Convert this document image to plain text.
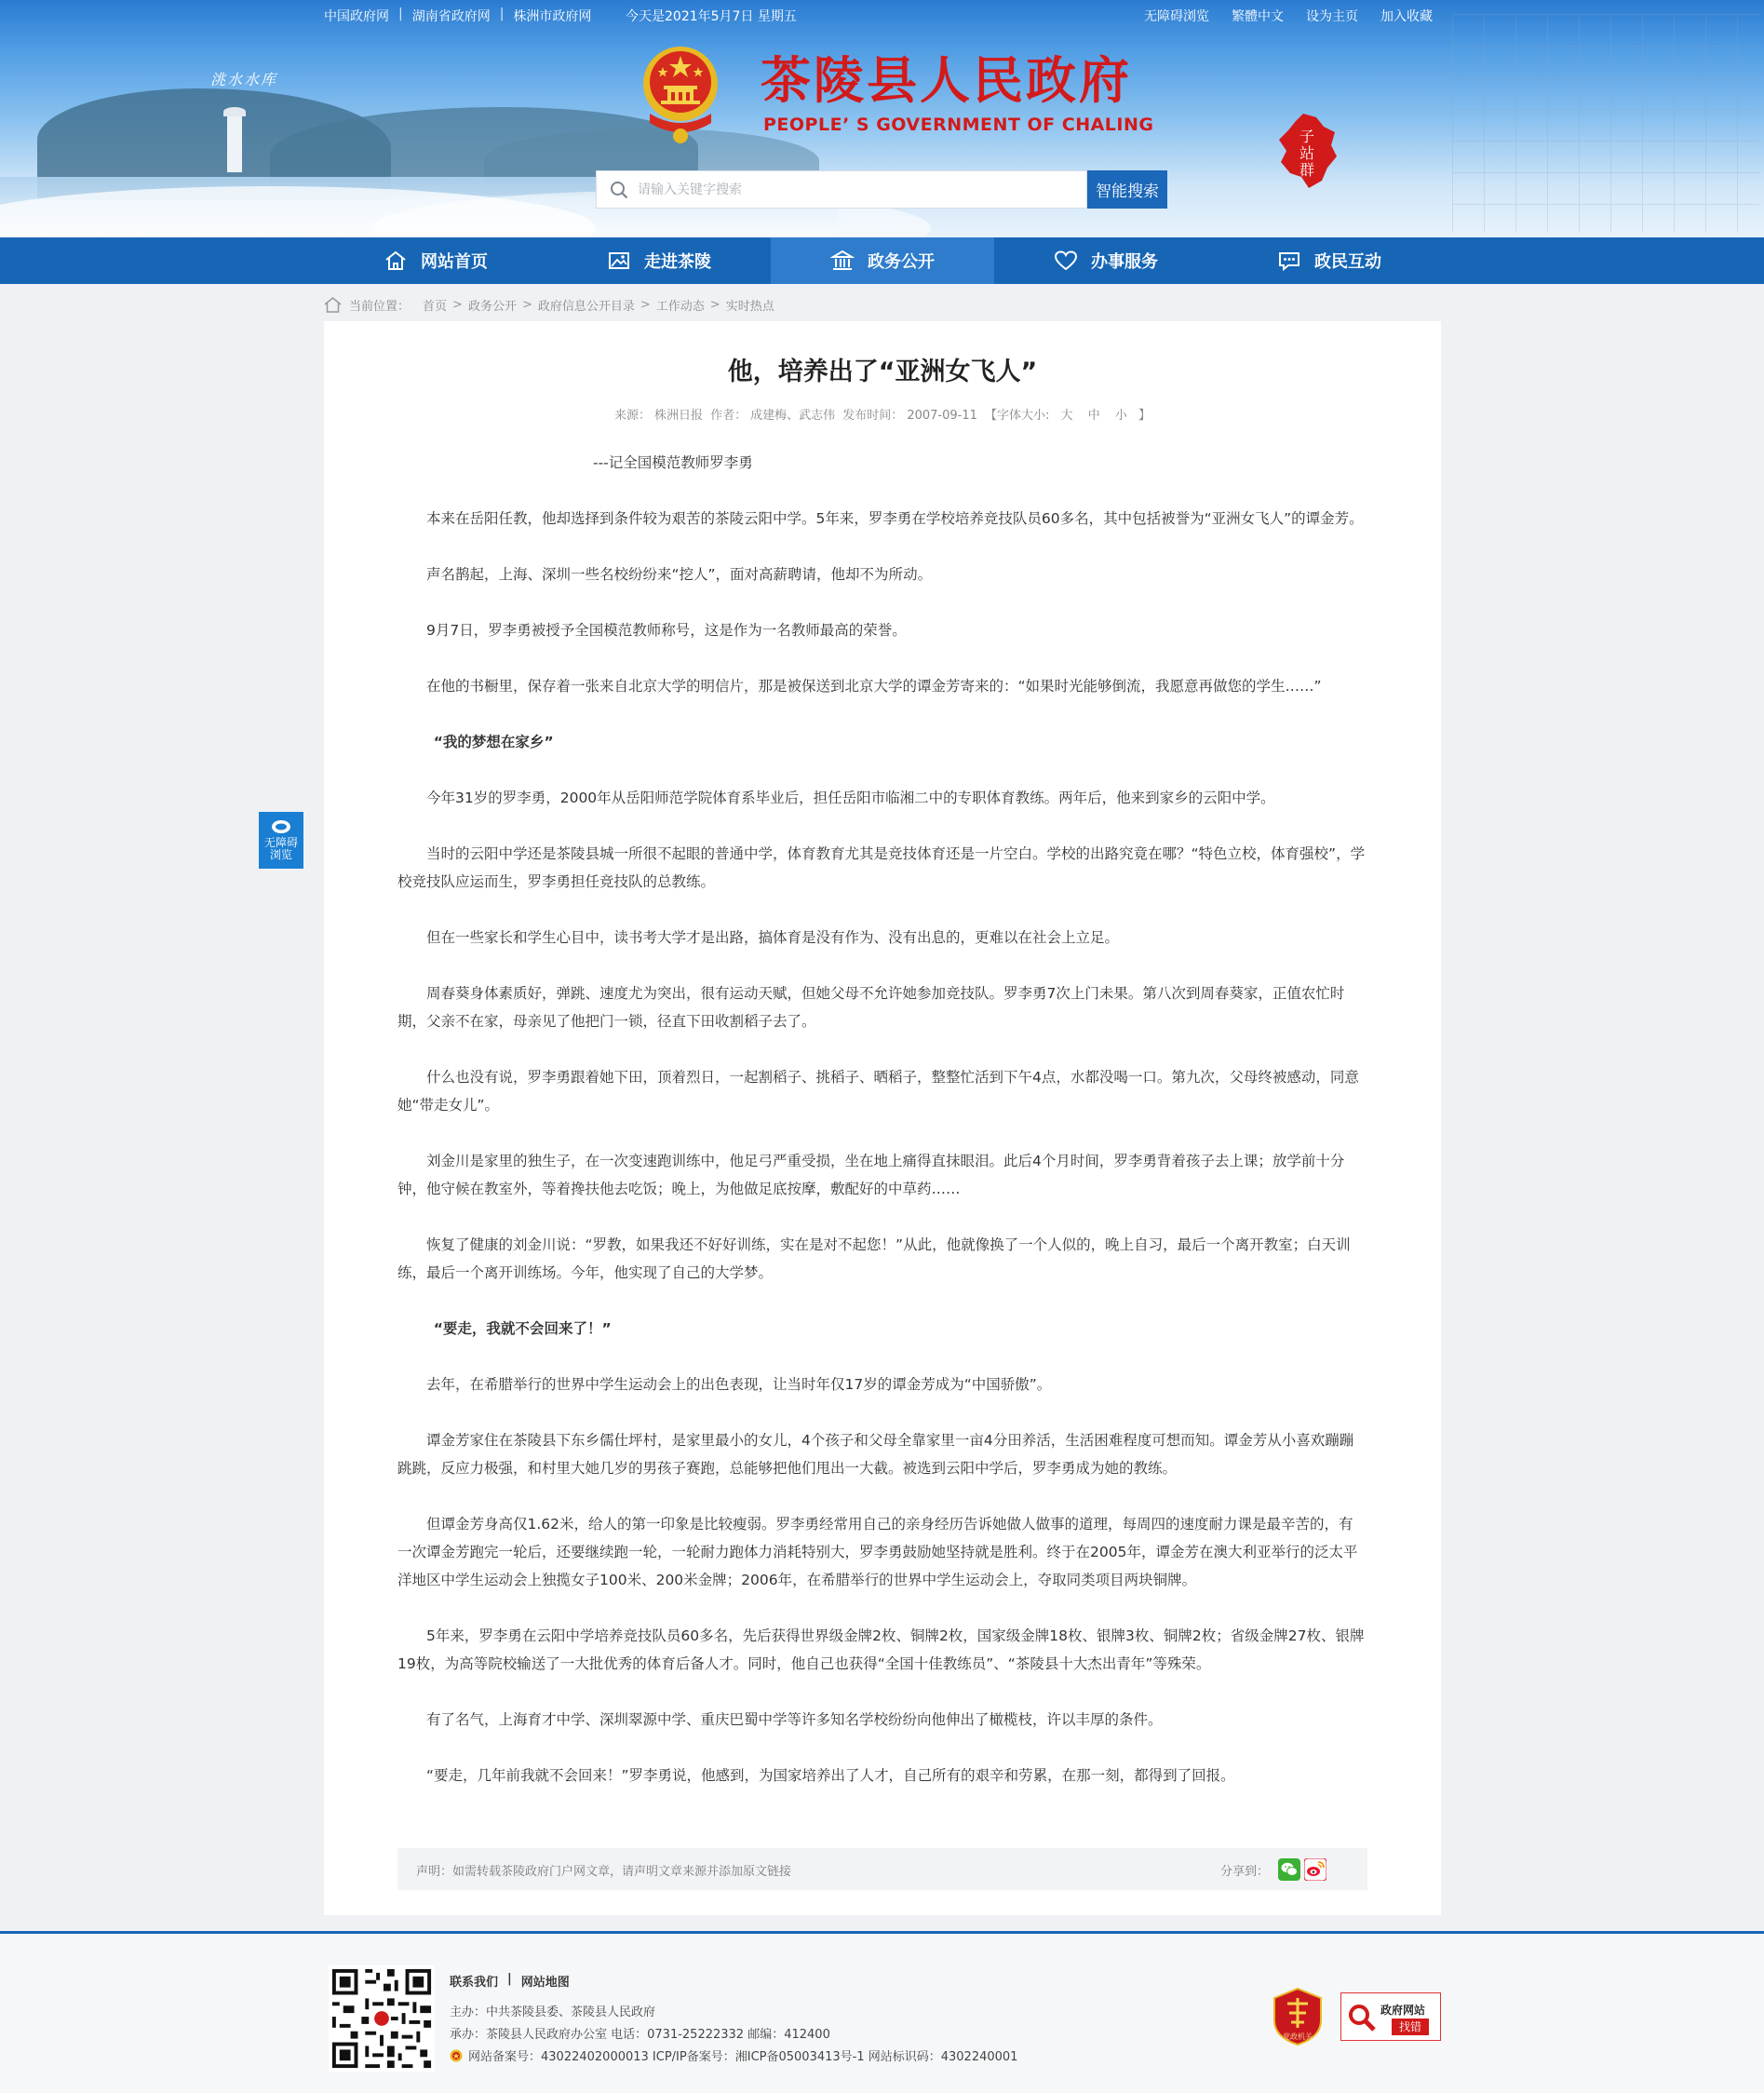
洮水水库
中国政府网 | 湖南省政府网 | 株洲市政府网	今天是2021年5月7日 星期五	无障碍浏览 繁體中文 设为主页 加入收藏
茶陵县人民政府
PEOPLE’ S GOVERNMENT OF CHALING
请输入关键字搜索
智能搜索
子站群
网站首页	走进茶陵	政务公开	办事服务	政民互动
当前位置： 首页 > 政务公开 > 政府信息公开目录 > 工作动态 > 实时热点
他，培养出了“亚洲女飞人”
来源： 株洲日报 作者： 成建梅、武志伟 发布时间： 2007-09-11 【字体大小: 大 中 小 】

---记全国模范教师罗李勇

本来在岳阳任教，他却选择到条件较为艰苦的茶陵云阳中学。5年来，罗李勇在学校培养竞技队员60多名，其中包括被誉为“亚洲女飞人”的谭金芳。

声名鹊起，上海、深圳一些名校纷纷来“挖人”，面对高薪聘请，他却不为所动。

9月7日，罗李勇被授予全国模范教师称号，这是作为一名教师最高的荣誉。

在他的书橱里，保存着一张来自北京大学的明信片，那是被保送到北京大学的谭金芳寄来的：“如果时光能够倒流，我愿意再做您的学生……”

“我的梦想在家乡”

今年31岁的罗李勇，2000年从岳阳师范学院体育系毕业后，担任岳阳市临湘二中的专职体育教练。两年后，他来到家乡的云阳中学。

当时的云阳中学还是茶陵县城一所很不起眼的普通中学，体育教育尤其是竞技体育还是一片空白。学校的出路究竟在哪？“特色立校，体育强校”，学校竞技队应运而生，罗李勇担任竞技队的总教练。

但在一些家长和学生心目中，读书考大学才是出路，搞体育是没有作为、没有出息的，更难以在社会上立足。

周春葵身体素质好，弹跳、速度尤为突出，很有运动天赋，但她父母不允许她参加竞技队。罗李勇7次上门未果。第八次到周春葵家，正值农忙时期，父亲不在家，母亲见了他把门一锁，径直下田收割稻子去了。

什么也没有说，罗李勇跟着她下田，顶着烈日，一起割稻子、挑稻子、晒稻子，整整忙活到下午4点，水都没喝一口。第九次，父母终被感动，同意她“带走女儿”。

刘金川是家里的独生子，在一次变速跑训练中，他足弓严重受损，坐在地上痛得直抹眼泪。此后4个月时间，罗李勇背着孩子去上课；放学前十分钟，他守候在教室外，等着搀扶他去吃饭；晚上，为他做足底按摩，敷配好的中草药……

恢复了健康的刘金川说：“罗教，如果我还不好好训练，实在是对不起您！”从此，他就像换了一个人似的，晚上自习，最后一个离开教室；白天训练，最后一个离开训练场。今年，他实现了自己的大学梦。

“要走，我就不会回来了！”

去年，在希腊举行的世界中学生运动会上的出色表现，让当时年仅17岁的谭金芳成为“中国骄傲”。

谭金芳家住在茶陵县下东乡儒仕坪村，是家里最小的女儿，4个孩子和父母全靠家里一亩4分田养活，生活困难程度可想而知。谭金芳从小喜欢蹦蹦跳跳，反应力极强，和村里大她几岁的男孩子赛跑，总能够把他们甩出一大截。被选到云阳中学后，罗李勇成为她的教练。

但谭金芳身高仅1.62米，给人的第一印象是比较瘦弱。罗李勇经常用自己的亲身经历告诉她做人做事的道理，每周四的速度耐力课是最辛苦的，有一次谭金芳跑完一轮后，还要继续跑一轮，一轮耐力跑体力消耗特别大，罗李勇鼓励她坚持就是胜利。终于在2005年，谭金芳在澳大利亚举行的泛太平洋地区中学生运动会上独揽女子100米、200米金牌；2006年，在希腊举行的世界中学生运动会上，夺取同类项目两块铜牌。

5年来，罗李勇在云阳中学培养竞技队员60多名，先后获得世界级金牌2枚、铜牌2枚，国家级金牌18枚、银牌3枚、铜牌2枚；省级金牌27枚、银牌19枚，为高等院校输送了一大批优秀的体育后备人才。同时，他自己也获得“全国十佳教练员”、“茶陵县十大杰出青年”等殊荣。

有了名气，上海育才中学、深圳翠源中学、重庆巴蜀中学等许多知名学校纷纷向他伸出了橄榄枝，许以丰厚的条件。

“要走，几年前我就不会回来！”罗李勇说，他感到，为国家培养出了人才，自己所有的艰辛和劳累，在那一刻，都得到了回报。

声明：如需转载茶陵政府门户网文章，请声明文章来源并添加原文链接	分享到：
无障碍
浏览
联系我们 | 网站地图
主办：中共茶陵县委、茶陵县人民政府
承办：茶陵县人民政府办公室 电话：0731-25222332 邮编：412400
网站备案号：43022402000013 ICP/IP备案号：湘ICP备05003413号-1 网站标识码：4302240001
党政机关
政府网站
找错
